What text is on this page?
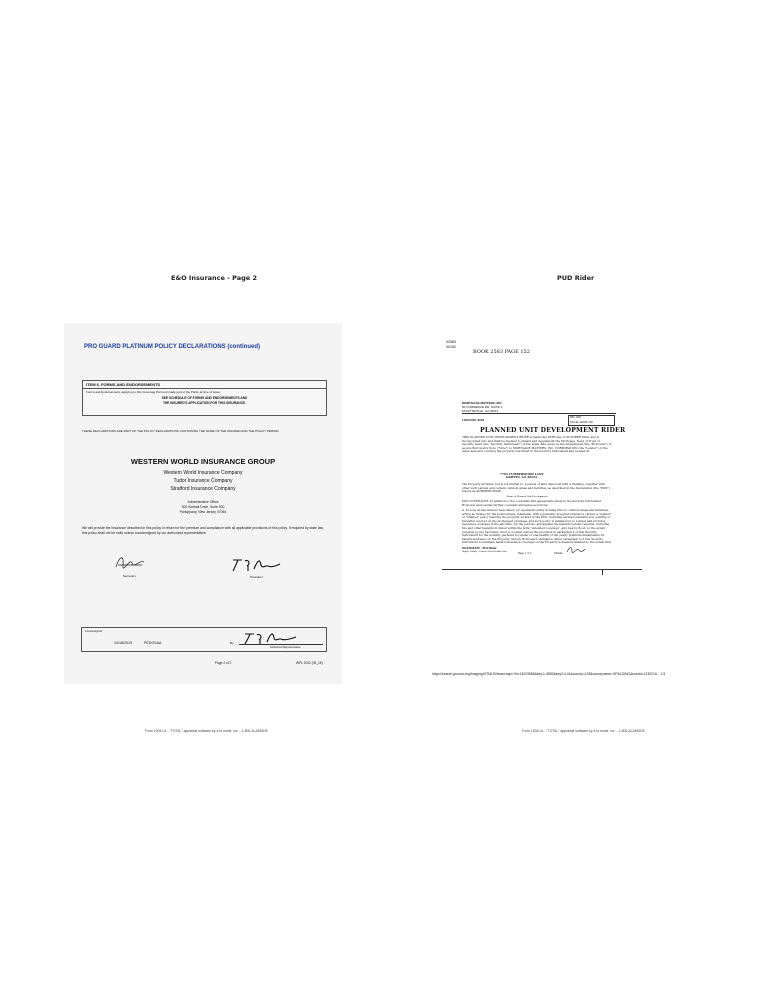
E&O Insurance - Page 2	PUD Rider
PRO GUARD PLATINUM POLICY DECLARATIONS (continued)
ITEM 6. FORMS AND ENDORSEMENTS
Forms and Endorsements applying to this Coverage Part and made part of the Policy at time of issue:
SEE SCHEDULE OF FORMS AND ENDORSEMENTS AND
THE INSURED'S APPLICATION FOR THIS INSURANCE.
THESE DECLARATIONS ARE PART OF THE POLICY DECLARATIONS CONTAINING THE NAME OF THE INSURED AND THE POLICY PERIOD.
WESTERN WORLD INSURANCE GROUP
Western World Insurance Company
Tudor Insurance Company
Stratford Insurance Company
Administrative Office
300 Kimball Drive, Suite 500
Parsippany, New Jersey 07054
We will provide the insurance described in this policy in return for the premium and compliance with all applicable provisions of this policy. If required by state law, this policy shall not be valid unless countersigned by our authorized representative.
Secretary	President
Countersigned:
10/18/2019	PEDGSAA	By:
Authorized Representative
Page 2 of 2	WPL 2002 (05_15)
02583
00152
BOOK 2583 PAGE 152
MORTGAGE MATTERS, INC.
50 COMMERCE DR, SUITE 4
FAYETTEVILLE, GA 30214
LOAN NO. 6201
MIN: 1000
100-21-11006-700
PLANNED UNIT DEVELOPMENT RIDER
THIS PLANNED UNIT DEVELOPMENT RIDER is made this 28TH day of OCTOBER 2004, and is incorporated into and shall be deemed to amend and supplement the Mortgage, Deed of Trust or Security Deed (the "Security Instrument") of the same date given by the undersigned (the "Borrower") to secure Borrower's Note ("Note") to MORTGAGE MATTERS, INC. CORPORATION (the "Lender") of the same date and covering the property described in the Security Instrument and located at:
7703 CUMBERWOOD LANE
GRIFFIN, GA 30224
The Property includes, but is not limited to, a parcel of land improved with a dwelling, together with other such parcels and certain common areas and facilities, as described in the Declaration (the "PUD") known as SUMMERCHASE
(Name of Planned Unit Development)
PUD COVENANTS. In addition to the covenants and agreements made in the Security Instrument, Borrower and Lender further covenant and agree as follows:
A. So long as the Owners Association (or equivalent entity holding title to common areas and facilities), acting as trustee for the homeowners, maintains, with a generally accepted insurance carrier, a "master" or "blanket" policy insuring the property located in the PUD, including all improvements now existing or hereafter erected on the mortgaged premises, and such policy is satisfactory to Lender and provides insurance coverage in the amounts, for the periods, and against the hazards Lender requires, including fire and other hazards included within the term "extended coverage", and loss by flood, to the extent required by the Secretary, then: (i) Lender waives the provision in paragraph 2 of this Security Instrument for the monthly payment to Lender of one-twelfth of the yearly premium installments for hazard insurance on the Property, and (ii) Borrower's obligation under paragraph 5 of this Security Instrument to maintain hazard insurance coverage on the Property is deemed satisfied to the extent that
MULTISTATE - PUD Rider
Single Family - Fannie Mae/Freddie Mac
Page 1 of 2	Initials:
https://search.gsccca.org/Imaging/HTML5Viewer.aspx?id=24023558&key1=3583&key2=144&county=128&countyname=SPALDING&userid=123921&... 1/1
Form 1004.UL - "TOTAL" appraisal software by a la mode, inc. - 1-800-ALAMODE	Form 1004.UL - "TOTAL" appraisal software by a la mode, inc. - 1-800-ALAMODE
